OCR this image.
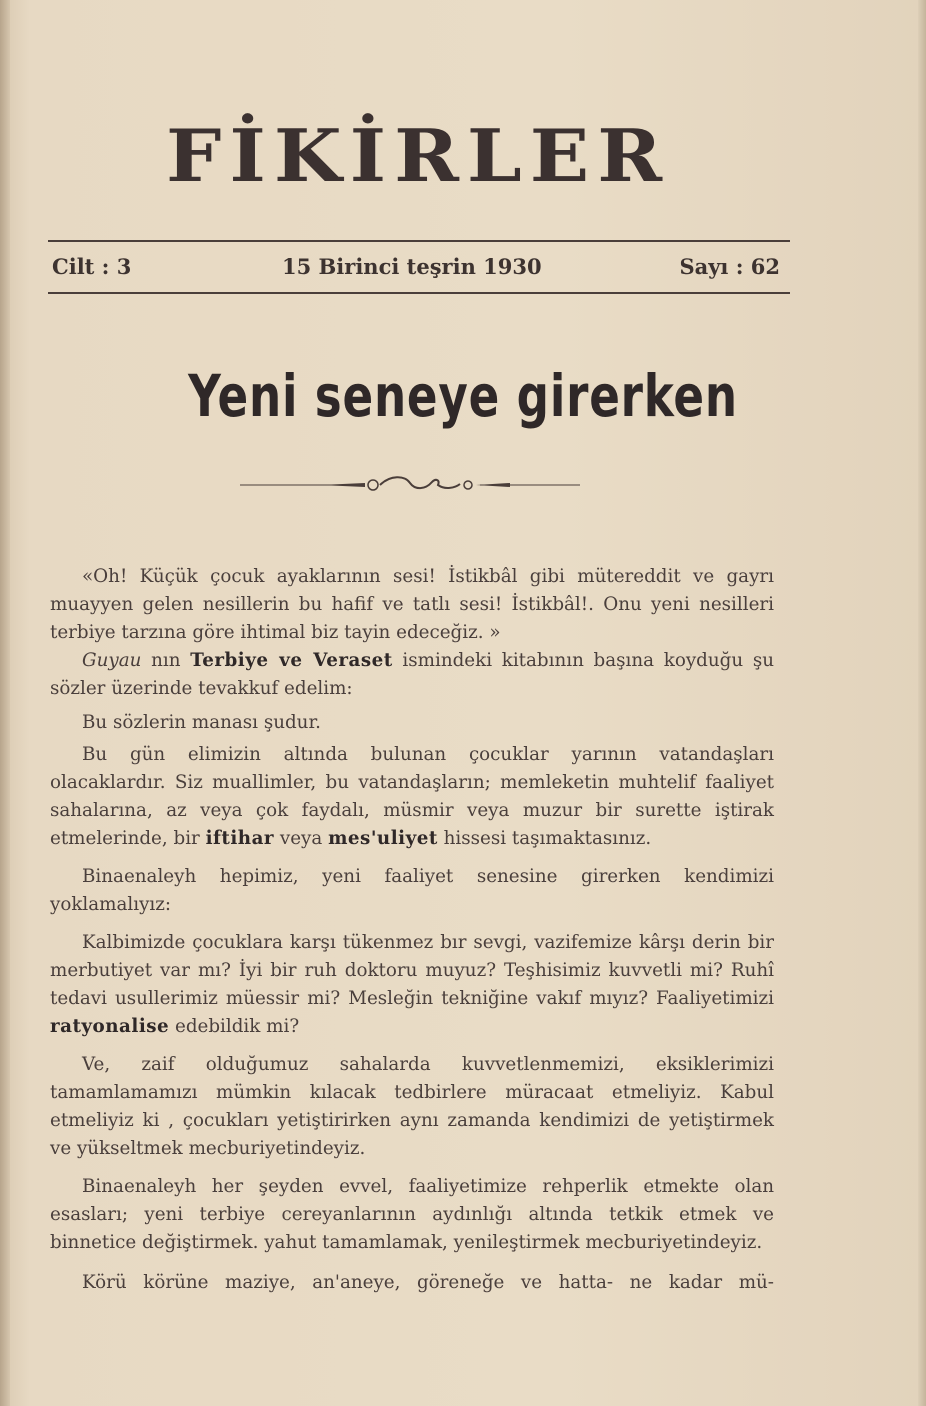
FİKİRLER
Cilt : 3	15 Birinci teşrin 1930	Sayı : 62
Yeni seneye girerken

«Oh! Küçük çocuk ayaklarının sesi! İstikbâl gibi mütereddit ve gayrı muayyen gelen nesillerin bu hafif ve tatlı sesi! İstikbâl!. Onu yeni nesilleri terbiye tarzına göre ihtimal biz tayin edeceğiz. »

Guyau nın Terbiye ve Veraset ismindeki kitabının başına koyduğu şu sözler üzerinde tevakkuf edelim:

Bu sözlerin manası şudur.

Bu gün elimizin altında bulunan çocuklar yarının vatandaşları olacaklardır. Siz muallimler, bu vatandaşların; memleketin muhtelif faaliyet sahalarına, az veya çok faydalı, müsmir veya muzur bir surette iştirak etmelerinde, bir iftihar veya mes'uliyet hissesi taşımaktasınız.

Binaenaleyh hepimiz, yeni faaliyet senesine girerken kendimizi yoklamalıyız:

Kalbimizde çocuklara karşı tükenmez bır sevgi, vazifemize kârşı derin bir merbutiyet var mı? İyi bir ruh doktoru muyuz? Teşhisimiz kuvvetli mi? Ruhî tedavi usullerimiz müessir mi? Mesleğin tekniğine vakıf mıyız? Faaliyetimizi ratyonalise edebildik mi?

Ve, zaif olduğumuz sahalarda kuvvetlenmemizi, eksiklerimizi tamamlamamızı mümkin kılacak tedbirlere müracaat etmeliyiz. Kabul etmeliyiz ki , çocukları yetiştirirken aynı zamanda kendimizi de yetiştirmek ve yükseltmek mecburiyetindeyiz.

Binaenaleyh her şeyden evvel, faaliyetimize rehperlik etmekte olan esasları; yeni terbiye cereyanlarının aydınlığı altında tetkik etmek ve binnetice değiştirmek. yahut tamamlamak, yenileştirmek mecburiyetindeyiz.

Körü körüne maziye, an'aneye, göreneğe ve hatta- ne kadar mü-
